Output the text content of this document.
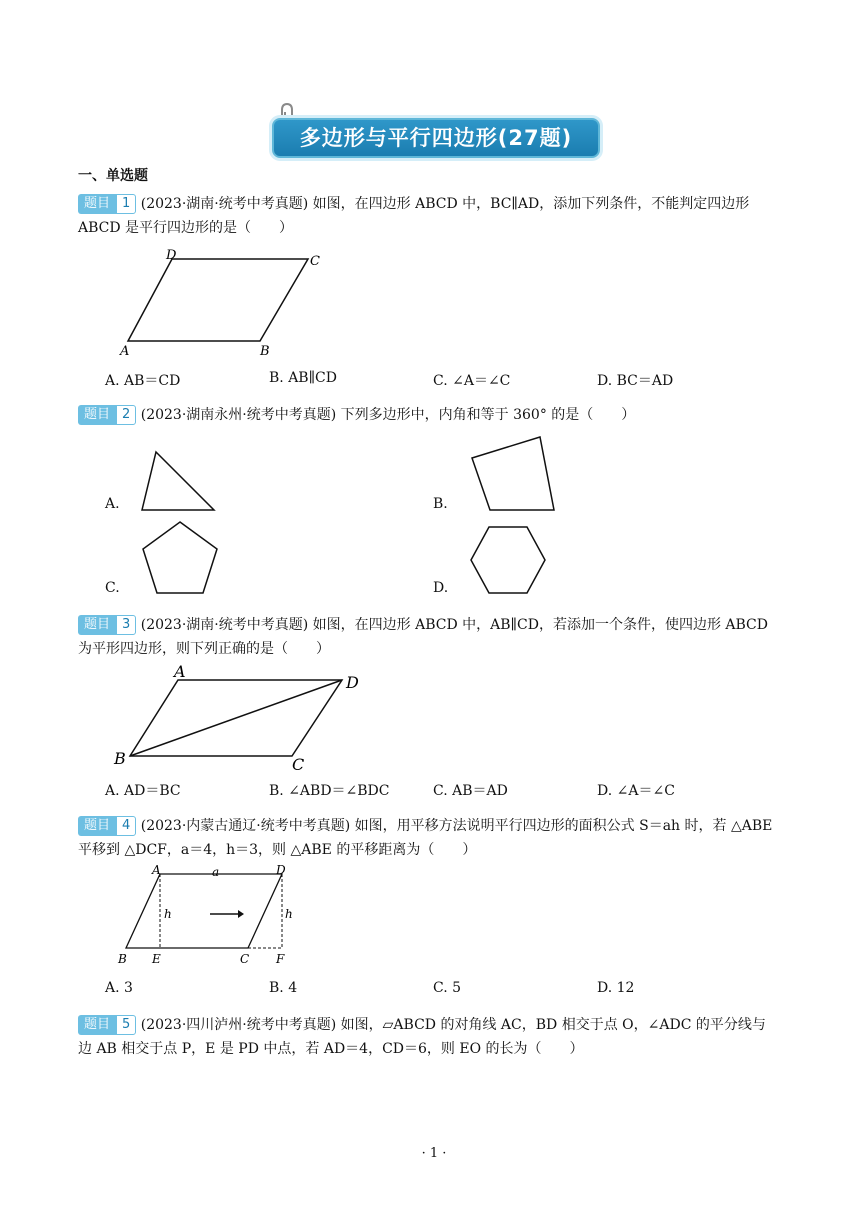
多边形与平行四边形(27题)
一、单选题
题目 1 (2023·湖南·统考中考真题) 如图，在四边形 ABCD 中，BC∥AD，添加下列条件，不能判定四边形 ABCD 是平行四边形的是（　　）
D	C
A	B
A. AB＝CD	B. AB∥CD	C. ∠A＝∠C	D. BC＝AD
题目 2 (2023·湖南永州·统考中考真题) 下列多边形中，内角和等于 360° 的是（　　）
A.	B.
C.	D.
题目 3 (2023·湖南·统考中考真题) 如图，在四边形 ABCD 中，AB∥CD，若添加一个条件，使四边形 ABCD 为平形四边形，则下列正确的是（　　）
A
D
B	C
A. AD＝BC	B. ∠ABD＝∠BDC	C. AB＝AD	D. ∠A＝∠C
题目 4 (2023·内蒙古通辽·统考中考真题) 如图，用平移方法说明平行四边形的面积公式 S＝ah 时，若 △ABE 平移到 △DCF，a＝4，h＝3，则 △ABE 的平移距离为（　　）
A	a	D
h	h
B E	C F
A. 3	B. 4	C. 5	D. 12
题目 5 (2023·四川泸州·统考中考真题) 如图，▱ABCD 的对角线 AC，BD 相交于点 O，∠ADC 的平分线与边 AB 相交于点 P，E 是 PD 中点，若 AD＝4，CD＝6，则 EO 的长为（　　）
· 1 ·
